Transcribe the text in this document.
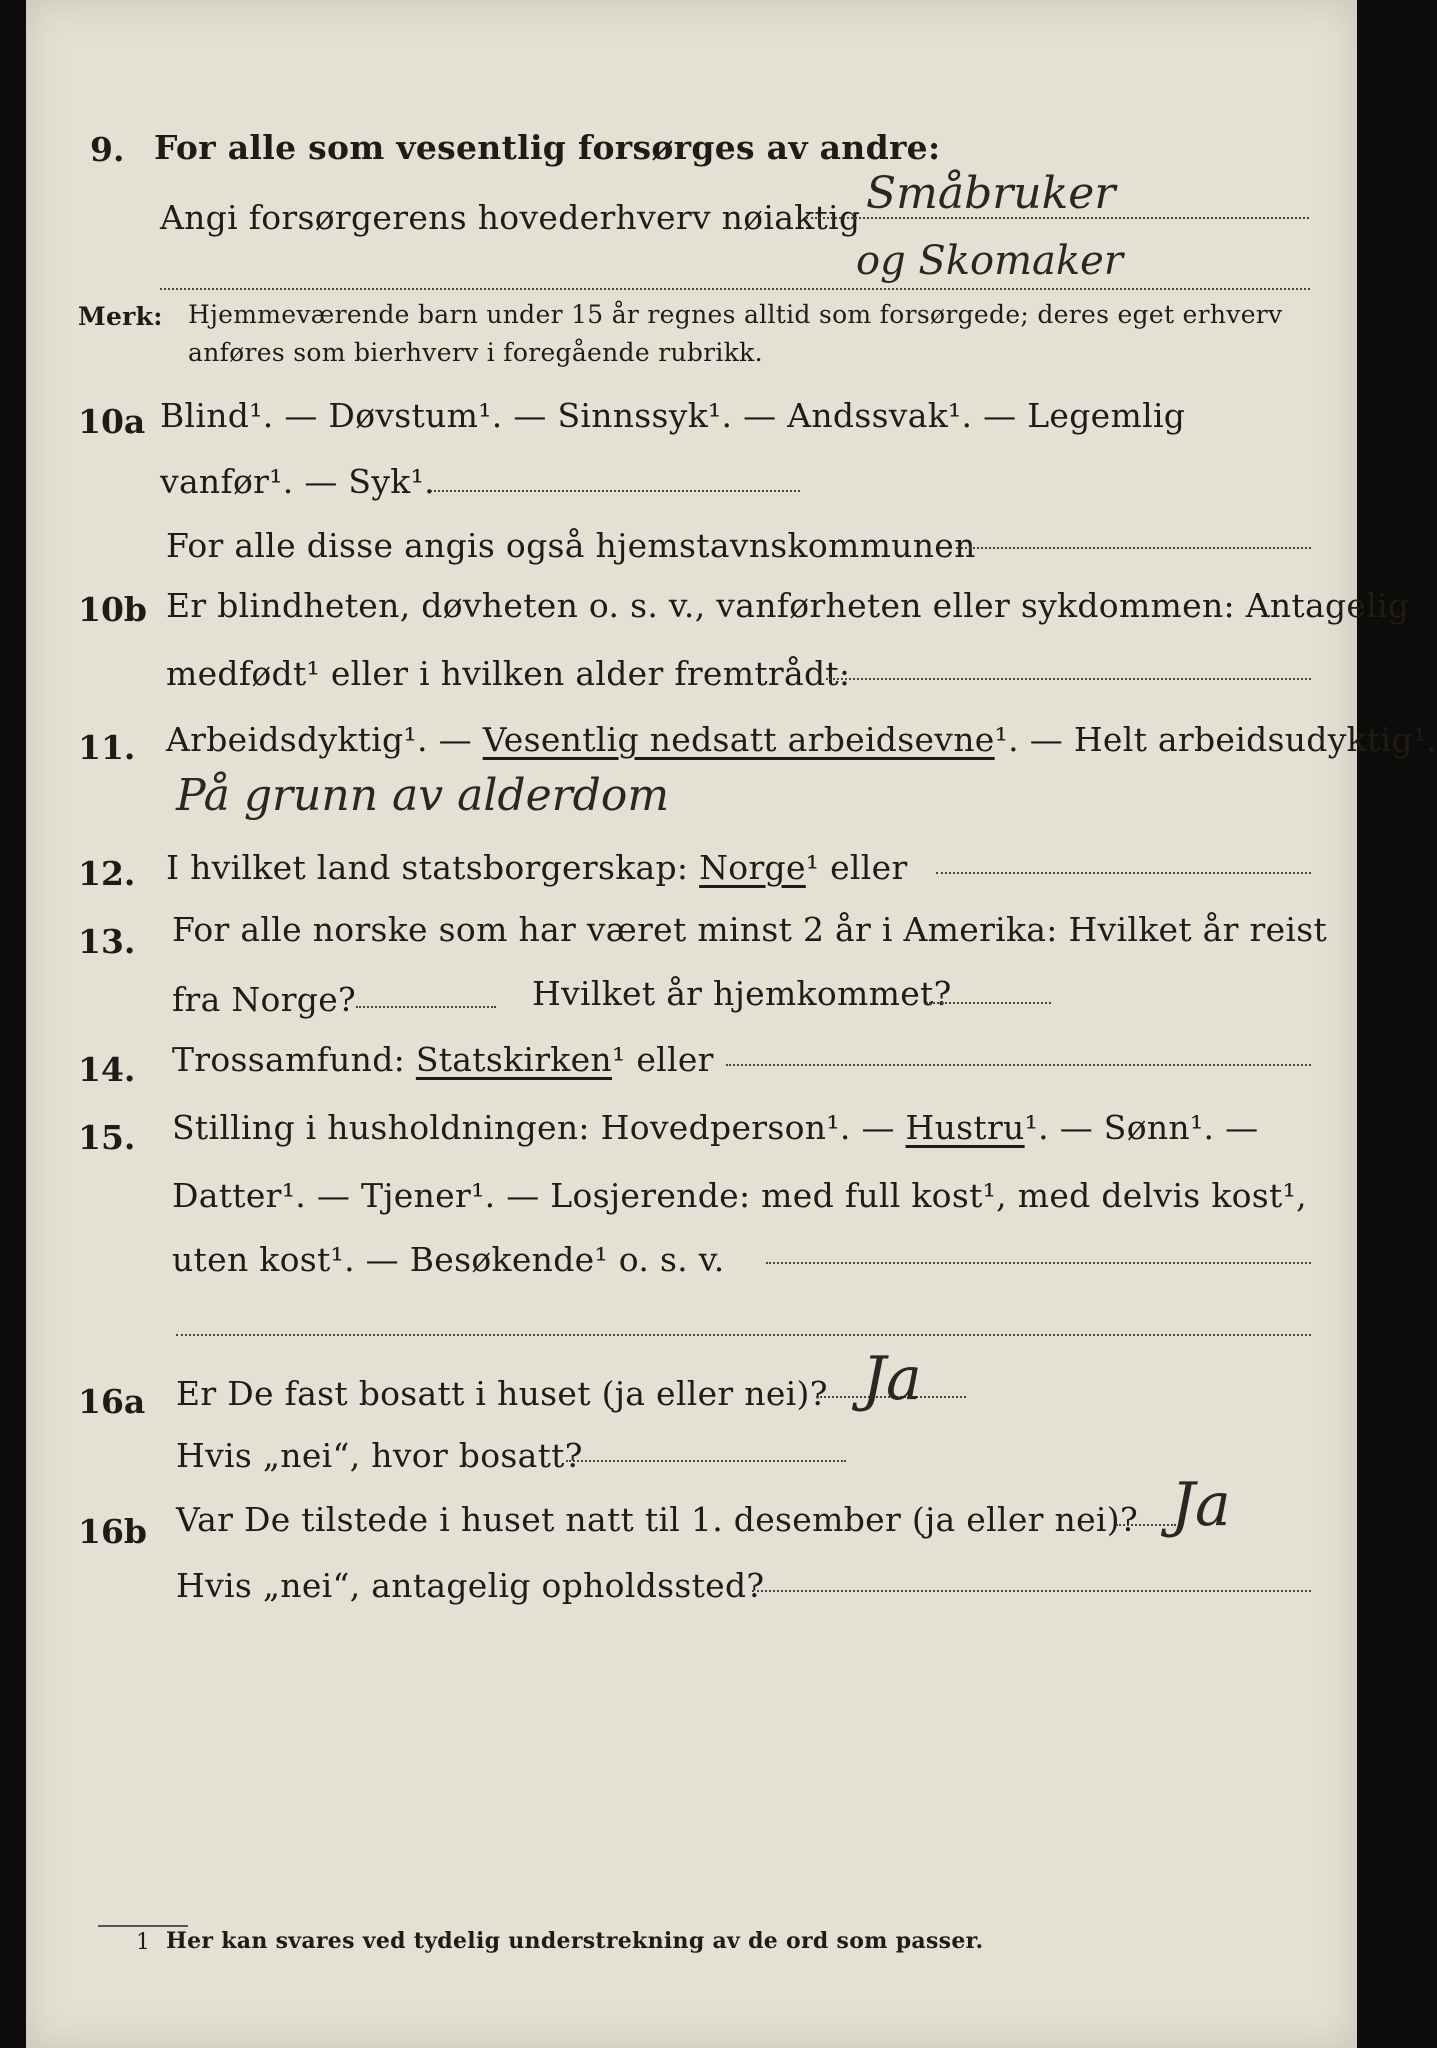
9. For alle som vesentlig forsørges av andre:
Angi forsørgerens hovederhverv nøiaktig Småbruker
og Skomaker
Merk: Hjemmeværende barn under 15 år regnes alltid som forsørgede; deres eget erhverv
anføres som bierhverv i foregående rubrikk.
10a Blind¹. — Døvstum¹. — Sinnssyk¹. — Andssvak¹. — Legemlig
vanfør¹. — Syk¹.
For alle disse angis også hjemstavnskommunen
10b Er blindheten, døvheten o. s. v., vanførheten eller sykdommen: Antagelig
medfødt¹ eller i hvilken alder fremtrådt:
11. Arbeidsdyktig¹. — Vesentlig nedsatt arbeidsevne¹. — Helt arbeidsudyktig¹.
På grunn av alderdom
12. I hvilket land statsborgerskap: Norge¹ eller
13. For alle norske som har været minst 2 år i Amerika: Hvilket år reist
fra Norge?	Hvilket år hjemkommet?
14. Trossamfund: Statskirken¹ eller
15. Stilling i husholdningen: Hovedperson¹. — Hustru¹. — Sønn¹. —
Datter¹. — Tjener¹. — Losjerende: med full kost¹, med delvis kost¹,
uten kost¹. — Besøkende¹ o. s. v.
16a Er De fast bosatt i huset (ja eller nei)? Ja
Hvis „nei“, hvor bosatt?
16b Var De tilstede i huset natt til 1. desember (ja eller nei)? Ja
Hvis „nei“, antagelig opholdssted?
1 Her kan svares ved tydelig understrekning av de ord som passer.
